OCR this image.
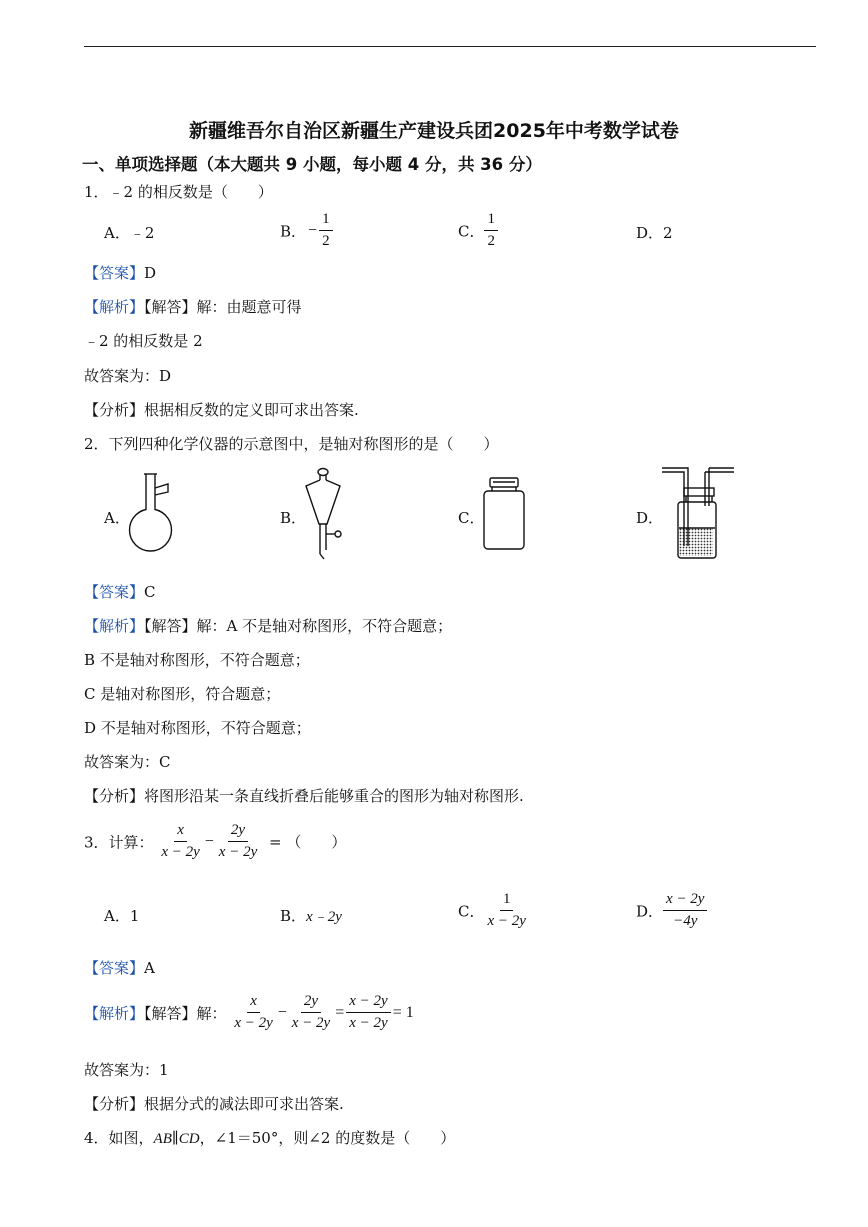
新疆维吾尔自治区新疆生产建设兵团2025年中考数学试卷
一、单项选择题（本大题共 9 小题，每小题 4 分，共 36 分）
1．﹣2 的相反数是（　　）
A．﹣2	B． − $\frac{1}{2}$	C． $\frac{1}{2}$	D．2
【答案】D
【解析】【解答】解：由题意可得
﹣2 的相反数是 2
故答案为：D
【分析】根据相反数的定义即可求出答案.
2．下列四种化学仪器的示意图中，是轴对称图形的是（　　）
A．	B．	C．	D．
【答案】C
【解析】【解答】解：A 不是轴对称图形，不符合题意；
B 不是轴对称图形，不符合题意；
C 是轴对称图形，符合题意；
D 不是轴对称图形，不符合题意；
故答案为：C
【分析】将图形沿某一条直线折叠后能够重合的图形为轴对称图形.
3．计算： $\frac{x}{x - 2y} - \frac{2y}{x - 2y}$ = （　　）
A．1	B．x﹣2y	C． $\frac{1}{x - 2y}$	D． $\frac{x - 2y}{-4y}$
【答案】A
【解析】【解答】解： $\frac{x}{x - 2y} - \frac{2y}{x - 2y} = \frac{x - 2y}{x - 2y} = 1$
故答案为：1
【分析】根据分式的减法即可求出答案.
4．如图，AB∥CD，∠1＝50°，则∠2 的度数是（　　）
